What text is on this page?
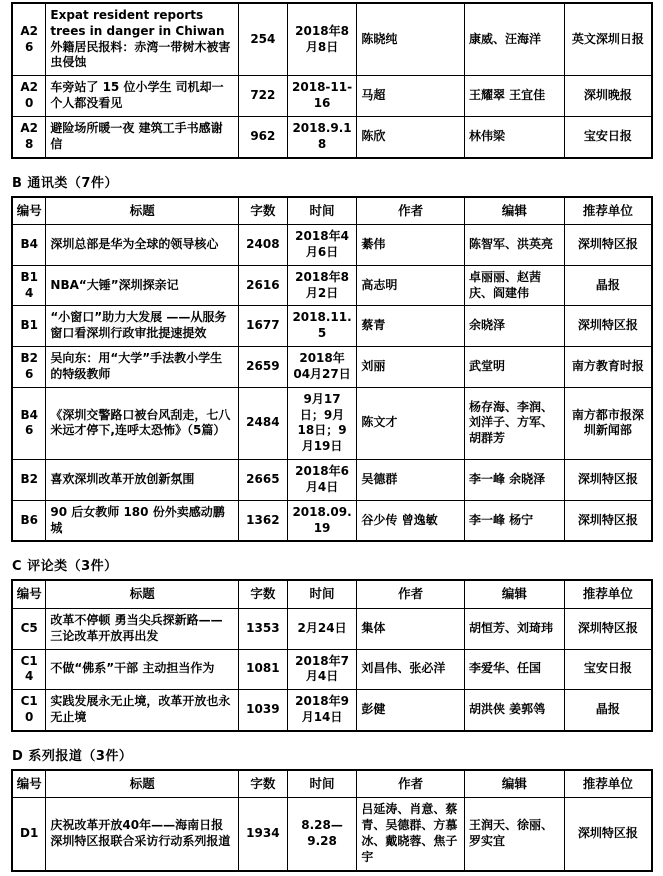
A26	Expat resident reports trees in danger in Chiwan 外籍居民报料：赤湾一带树木被害虫侵蚀	254	2018年8月8日	陈晓纯	康威、汪海洋	英文深圳日报
A20	车旁站了 15 位小学生 司机却一个人都没看见	722	2018-11-16	马超	王耀翠 王宜佳	深圳晚报
A28	避险场所暖一夜 建筑工手书感谢信	962	2018.9.18	陈欣	林伟梁	宝安日报
B 通讯类（7件）
编号	标题	字数	时间	作者	编辑	推荐单位
B4	深圳总部是华为全球的领导核心	2408	2018年4月6日	綦伟	陈智军、洪英亮	深圳特区报
B14	NBA“大锤”深圳探亲记	2616	2018年8月2日	高志明	卓丽丽、赵茜庆、阎建伟	晶报
B1	“小窗口”助力大发展 ——从服务窗口看深圳行政审批提速提效	1677	2018.11.5	蔡青	余晓泽	深圳特区报
B26	吴向东：用“大学”手法教小学生的特级教师	2659	2018年04月27日	刘丽	武堂明	南方教育时报
B46	《深圳交警路口被台风刮走，七八米远才停下,连呼太恐怖》（5篇）	2484	9月17日；9月18日；9月19日	陈文才	杨存海、李润、刘洋子、方军、胡群芳	南方都市报深圳新闻部
B2	喜欢深圳改革开放创新氛围	2665	2018年6月4日	吴德群	李一峰 余晓泽	深圳特区报
B6	90 后女教师 180 份外卖感动鹏城	1362	2018.09.19	谷少传 曾逸敏	李一峰 杨宁	深圳特区报
C 评论类（3件）
编号	标题	字数	时间	作者	编辑	推荐单位
C5	改革不停顿 勇当尖兵探新路——三论改革开放再出发	1353	2月24日	集体	胡恒芳、刘琦玮	深圳特区报
C14	不做“佛系”干部 主动担当作为	1081	2018年7月4日	刘昌伟、张必洋	李爱华、任国	宝安日报
C10	实践发展永无止境，改革开放也永无止境	1039	2018年9月14日	彭健	胡洪侠 姜郭鸰	晶报
D 系列报道（3件）
编号	标题	字数	时间	作者	编辑	推荐单位
D1	庆祝改革开放40年——海南日报深圳特区报联合采访行动系列报道	1934	8.28—9.28	吕延涛、肖意、蔡青、吴德群、方慕冰、戴晓蓉、焦子宇	王润天、徐丽、罗实宜	深圳特区报
